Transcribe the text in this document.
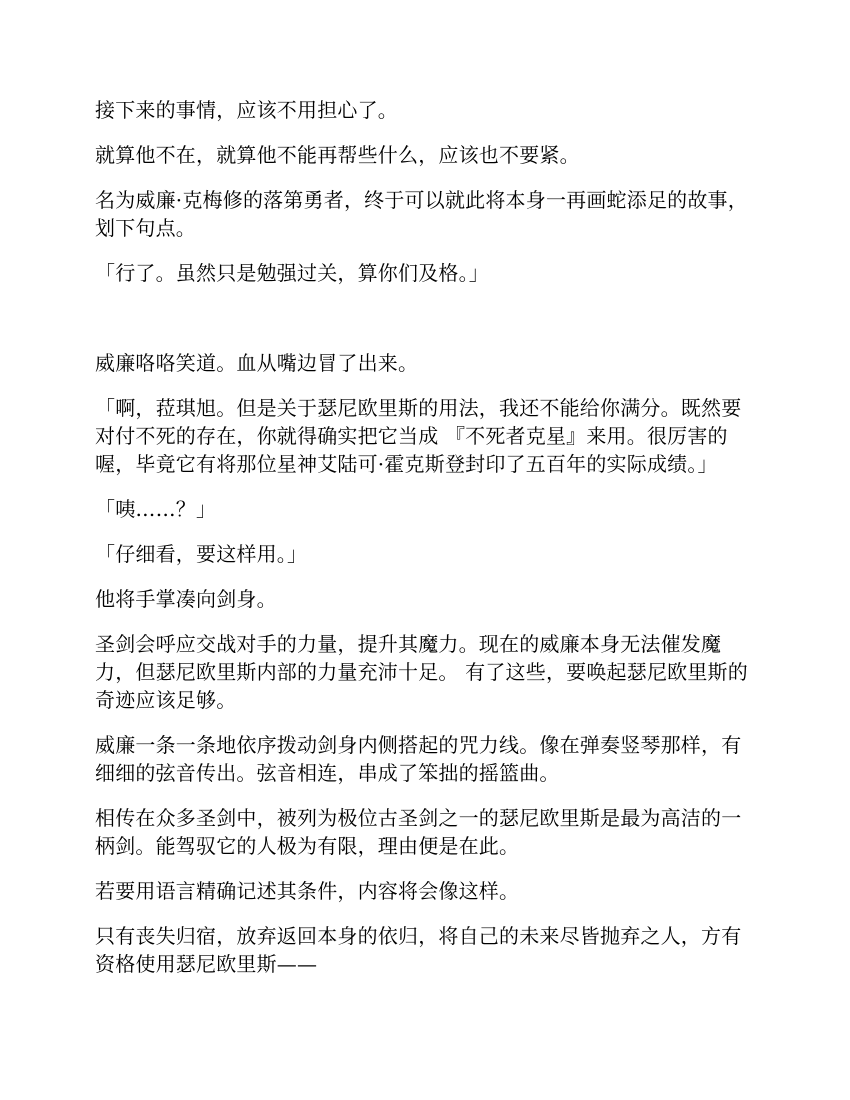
接下来的事情，应该不用担心了。

就算他不在，就算他不能再帮些什么，应该也不要紧。

名为威廉·克梅修的落第勇者，终于可以就此将本身一再画蛇添足的故事，划下句点。

「行了。虽然只是勉强过关，算你们及格。」

威廉咯咯笑道。血从嘴边冒了出来。

「啊，菈琪旭。但是关于瑟尼欧里斯的用法，我还不能给你满分。既然要对付不死的存在，你就得确实把它当成 『不死者克星』来用。很厉害的喔，毕竟它有将那位星神艾陆可·霍克斯登封印了五百年的实际成绩。」

「咦……？」

「仔细看，要这样用。」

他将手掌凑向剑身。

圣剑会呼应交战对手的力量，提升其魔力。现在的威廉本身无法催发魔力，但瑟尼欧里斯内部的力量充沛十足。 有了这些，要唤起瑟尼欧里斯的奇迹应该足够。

威廉一条一条地依序拨动剑身内侧搭起的咒力线。像在弹奏竖琴那样，有细细的弦音传出。弦音相连，串成了笨拙的摇篮曲。

相传在众多圣剑中，被列为极位古圣剑之一的瑟尼欧里斯是最为高洁的一柄剑。能驾驭它的人极为有限，理由便是在此。

若要用语言精确记述其条件，内容将会像这样。

只有丧失归宿，放弃返回本身的依归，将自己的未来尽皆抛弃之人，方有资格使用瑟尼欧里斯——
